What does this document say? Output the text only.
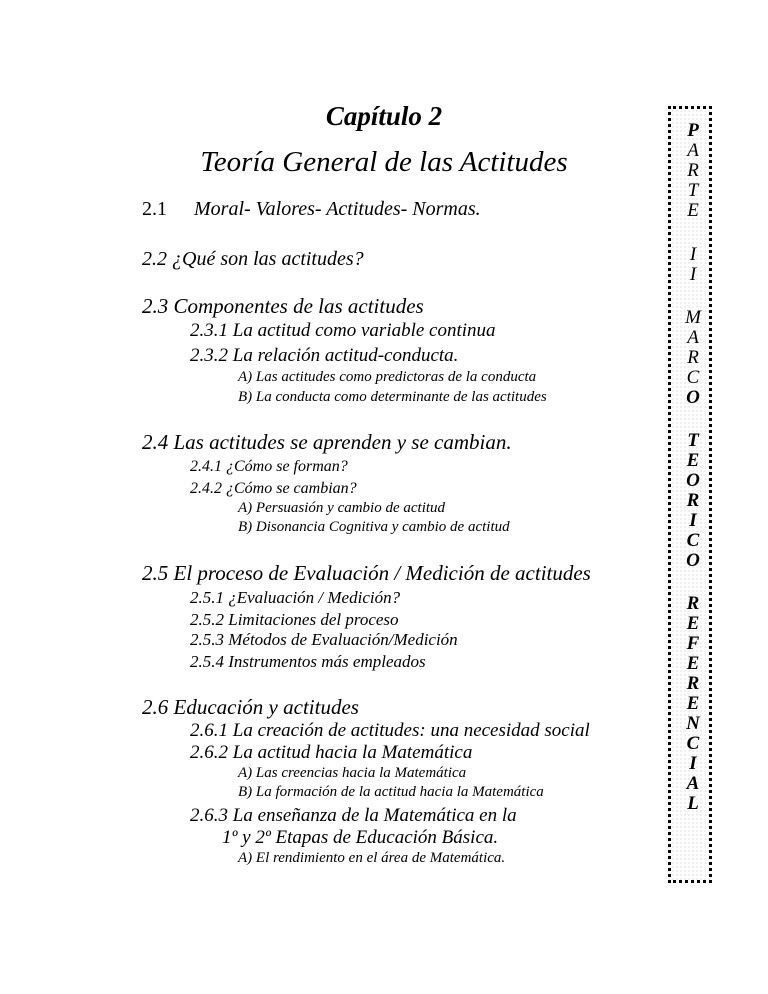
Capítulo 2
Teoría General de las Actitudes
2.1 Moral- Valores- Actitudes- Normas.
2.2 ¿Qué son las actitudes?
2.3 Componentes de las actitudes
2.3.1 La actitud como variable continua
2.3.2 La relación actitud-conducta.
A) Las actitudes como predictoras de la conducta
B) La conducta como determinante de las actitudes
2.4 Las actitudes se aprenden y se cambian.
2.4.1 ¿Cómo se forman?
2.4.2 ¿Cómo se cambian?
A) Persuasión y cambio de actitud
B) Disonancia Cognitiva y cambio de actitud
2.5 El proceso de Evaluación / Medición de actitudes
2.5.1 ¿Evaluación / Medición?
2.5.2 Limitaciones del proceso
2.5.3 Métodos de Evaluación/Medición
2.5.4 Instrumentos más empleados
2.6 Educación y actitudes
2.6.1 La creación de actitudes: una necesidad social
2.6.2 La actitud hacia la Matemática
A) Las creencias hacia la Matemática
B) La formación de la actitud hacia la Matemática
2.6.3 La enseñanza de la Matemática en la
1º y 2º Etapas de Educación Básica.
A) El rendimiento en el área de Matemática.
P
A
R
T
E
I
I
M
A
R
C
O
T
E
O
R
I
C
O
R
E
F
E
R
E
N
C
I
A
L
